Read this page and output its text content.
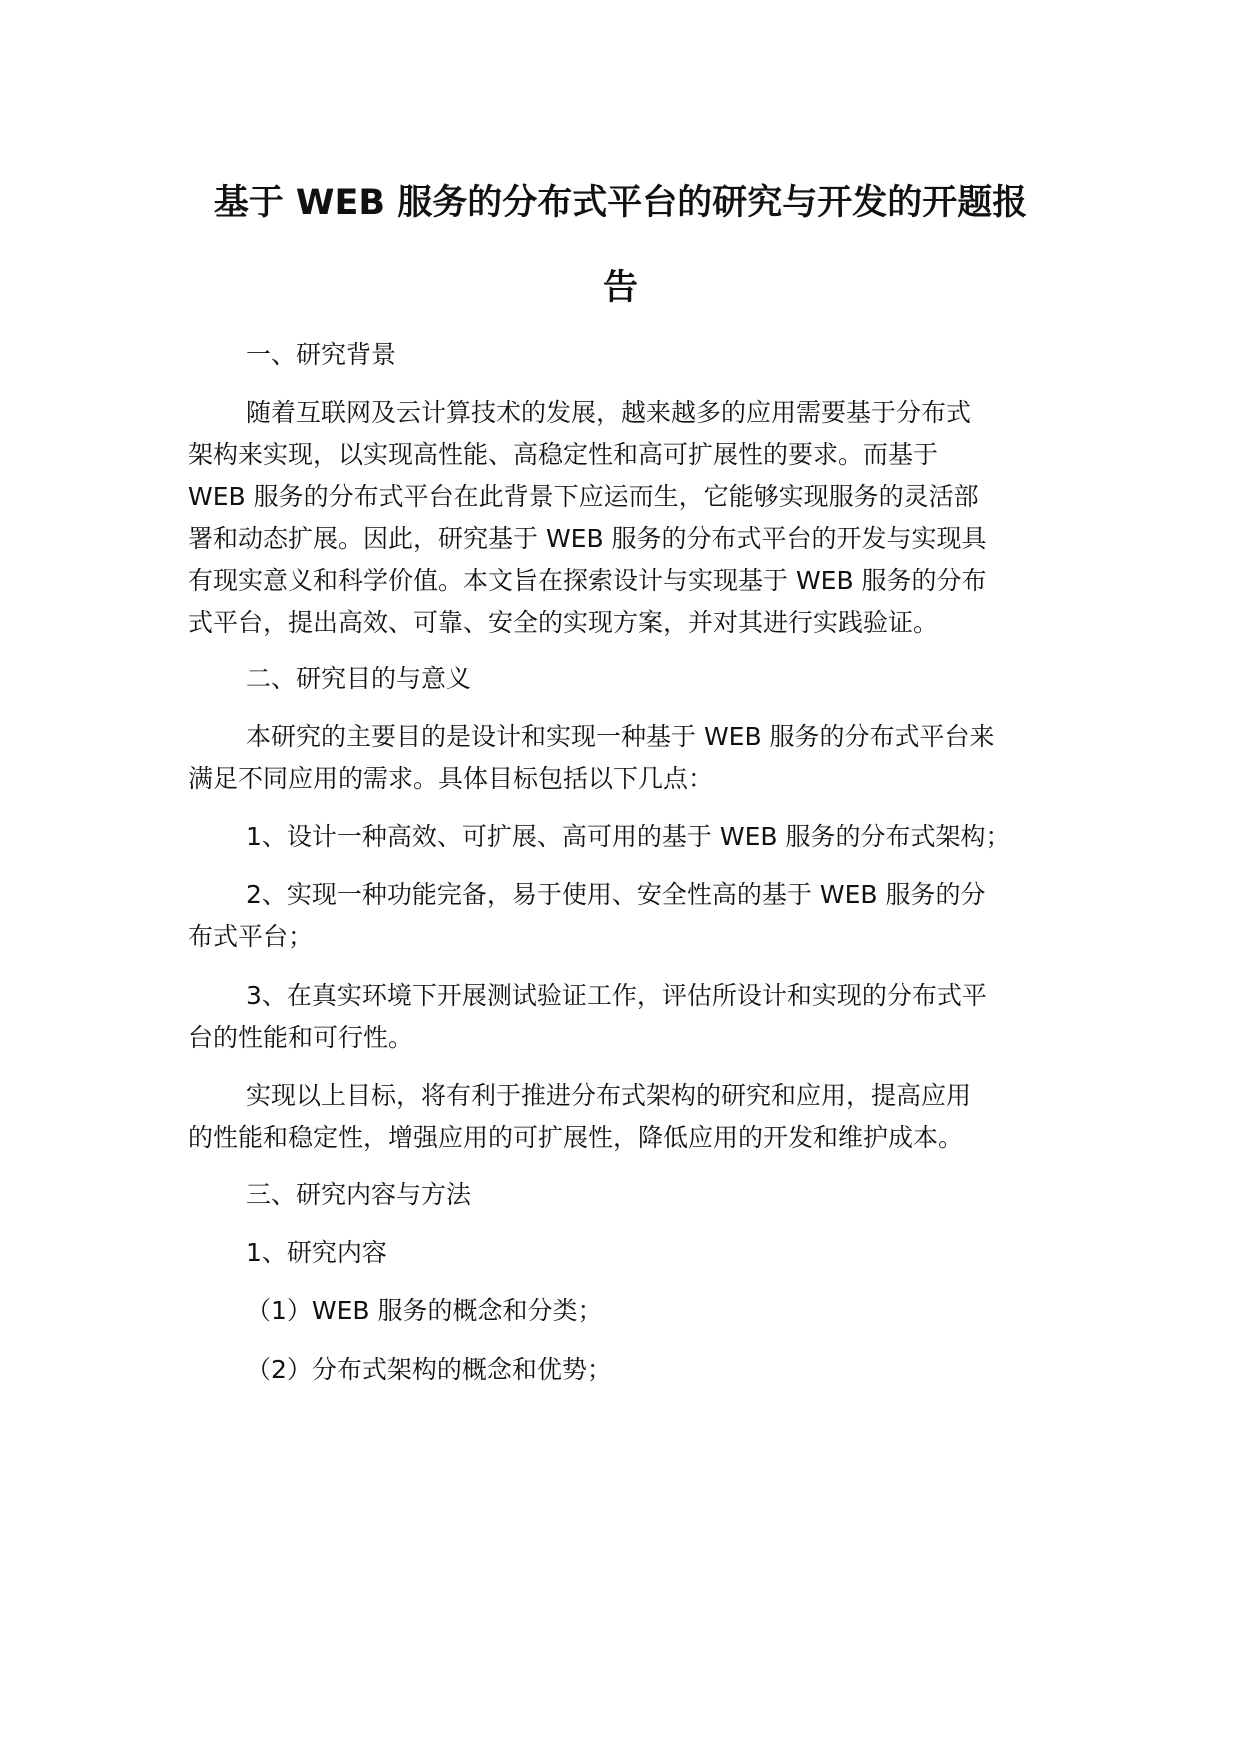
基于 WEB 服务的分布式平台的研究与开发的开题报
告

一、研究背景

随着互联网及云计算技术的发展，越来越多的应用需要基于分布式

架构来实现，以实现高性能、高稳定性和高可扩展性的要求。而基于

WEB 服务的分布式平台在此背景下应运而生，它能够实现服务的灵活部

署和动态扩展。因此，研究基于 WEB 服务的分布式平台的开发与实现具

有现实意义和科学价值。本文旨在探索设计与实现基于 WEB 服务的分布

式平台，提出高效、可靠、安全的实现方案，并对其进行实践验证。

二、研究目的与意义

本研究的主要目的是设计和实现一种基于 WEB 服务的分布式平台来

满足不同应用的需求。具体目标包括以下几点：

1、设计一种高效、可扩展、高可用的基于 WEB 服务的分布式架构；

2、实现一种功能完备，易于使用、安全性高的基于 WEB 服务的分

布式平台；

3、在真实环境下开展测试验证工作，评估所设计和实现的分布式平

台的性能和可行性。

实现以上目标，将有利于推进分布式架构的研究和应用，提高应用

的性能和稳定性，增强应用的可扩展性，降低应用的开发和维护成本。

三、研究内容与方法

1、研究内容

（1）WEB 服务的概念和分类；

（2）分布式架构的概念和优势；
